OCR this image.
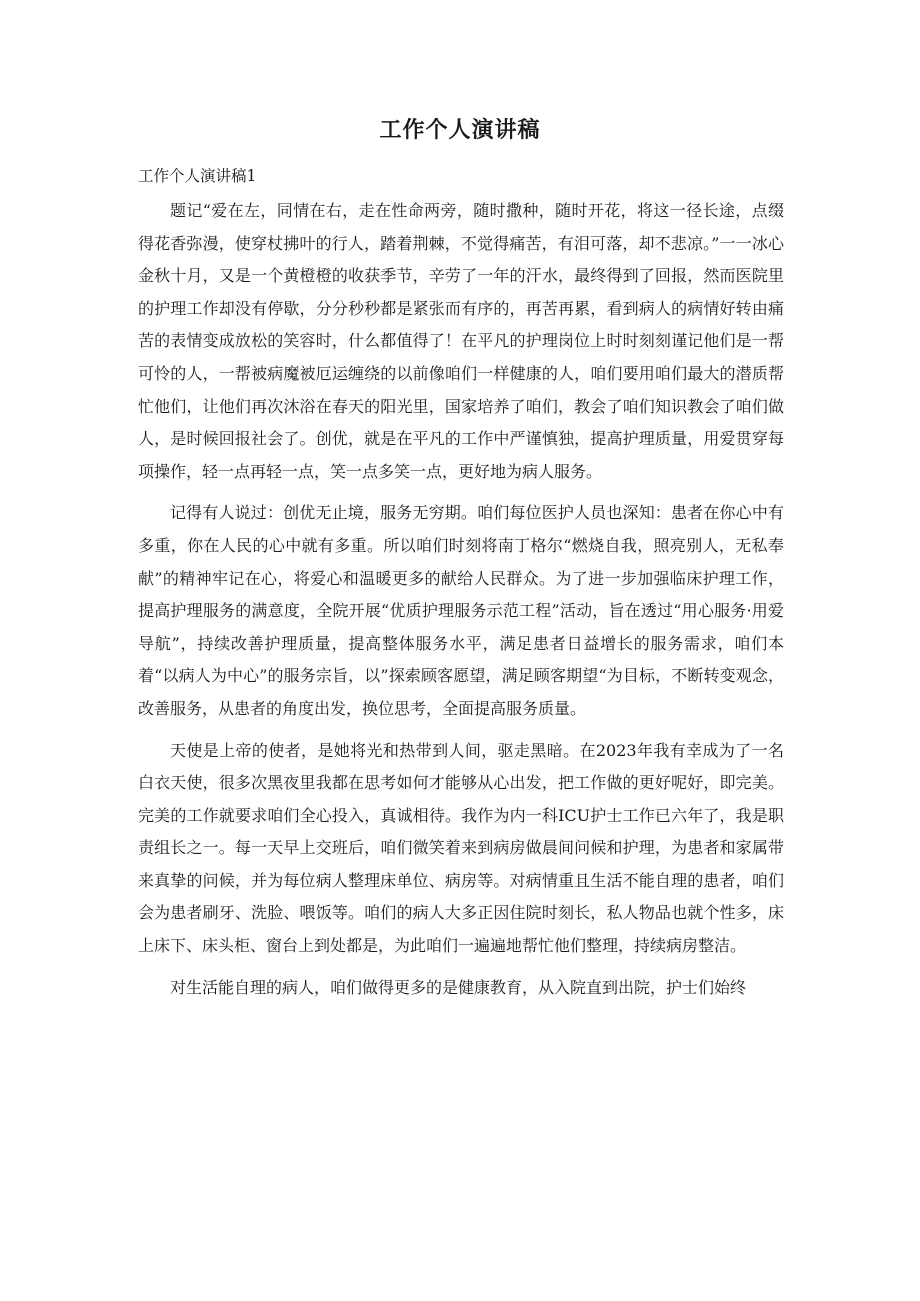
工作个人演讲稿
工作个人演讲稿1

题记“爱在左，同情在右，走在性命两旁，随时撒种，随时开花，将这一径长途，点缀得花香弥漫，使穿杖拂叶的行人，踏着荆棘，不觉得痛苦，有泪可落，却不悲凉。”一一冰心金秋十月，又是一个黄橙橙的收获季节，辛劳了一年的汗水，最终得到了回报，然而医院里的护理工作却没有停歇，分分秒秒都是紧张而有序的，再苦再累，看到病人的病情好转由痛苦的表情变成放松的笑容时，什么都值得了！在平凡的护理岗位上时时刻刻谨记他们是一帮可怜的人，一帮被病魔被厄运缠绕的以前像咱们一样健康的人，咱们要用咱们最大的潜质帮忙他们，让他们再次沐浴在春天的阳光里，国家培养了咱们，教会了咱们知识教会了咱们做人，是时候回报社会了。创优，就是在平凡的工作中严谨慎独，提高护理质量，用爱贯穿每项操作，轻一点再轻一点，笑一点多笑一点，更好地为病人服务。

记得有人说过：创优无止境，服务无穷期。咱们每位医护人员也深知：患者在你心中有多重，你在人民的心中就有多重。所以咱们时刻将南丁格尔“燃烧自我，照亮别人，无私奉献”的精神牢记在心，将爱心和温暖更多的献给人民群众。为了进一步加强临床护理工作，提高护理服务的满意度，全院开展“优质护理服务示范工程”活动，旨在透过“用心服务·用爱导航”，持续改善护理质量，提高整体服务水平，满足患者日益增长的服务需求，咱们本着“以病人为中心”的服务宗旨，以”探索顾客愿望，满足顾客期望“为目标，不断转变观念，改善服务，从患者的角度出发，换位思考，全面提高服务质量。

天使是上帝的使者，是她将光和热带到人间，驱走黑暗。在2023年我有幸成为了一名白衣天使，很多次黑夜里我都在思考如何才能够从心出发，把工作做的更好呢好，即完美。完美的工作就要求咱们全心投入，真诚相待。我作为内一科ICU护士工作已六年了，我是职责组长之一。每一天早上交班后，咱们微笑着来到病房做晨间问候和护理，为患者和家属带来真挚的问候，并为每位病人整理床单位、病房等。对病情重且生活不能自理的患者，咱们会为患者刷牙、洗脸、喂饭等。咱们的病人大多正因住院时刻长，私人物品也就个性多，床上床下、床头柜、窗台上到处都是，为此咱们一遍遍地帮忙他们整理，持续病房整洁。

对生活能自理的病人，咱们做得更多的是健康教育，从入院直到出院，护士们始终
